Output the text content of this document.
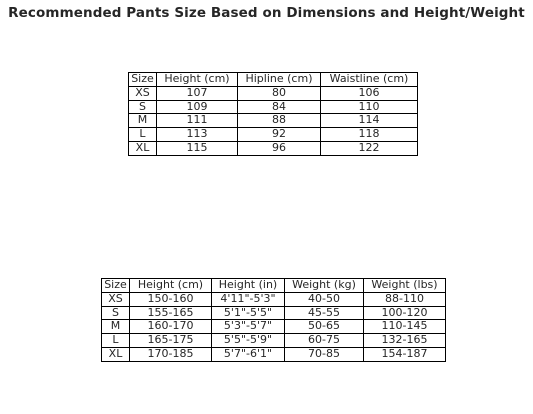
Recommended Pants Size Based on Dimensions and Height/Weight
Size	Height (cm)	Hipline (cm)	Waistline (cm)
XS	107	80	106
S	109	84	110
M	111	88	114
L	113	92	118
XL	115	96	122
Size	Height (cm)	Height (in)	Weight (kg)	Weight (lbs)
XS	150-160	4'11"-5'3"	40-50	88-110
S	155-165	5'1"-5'5"	45-55	100-120
M	160-170	5'3"-5'7"	50-65	110-145
L	165-175	5'5"-5'9"	60-75	132-165
XL	170-185	5'7"-6'1"	70-85	154-187
